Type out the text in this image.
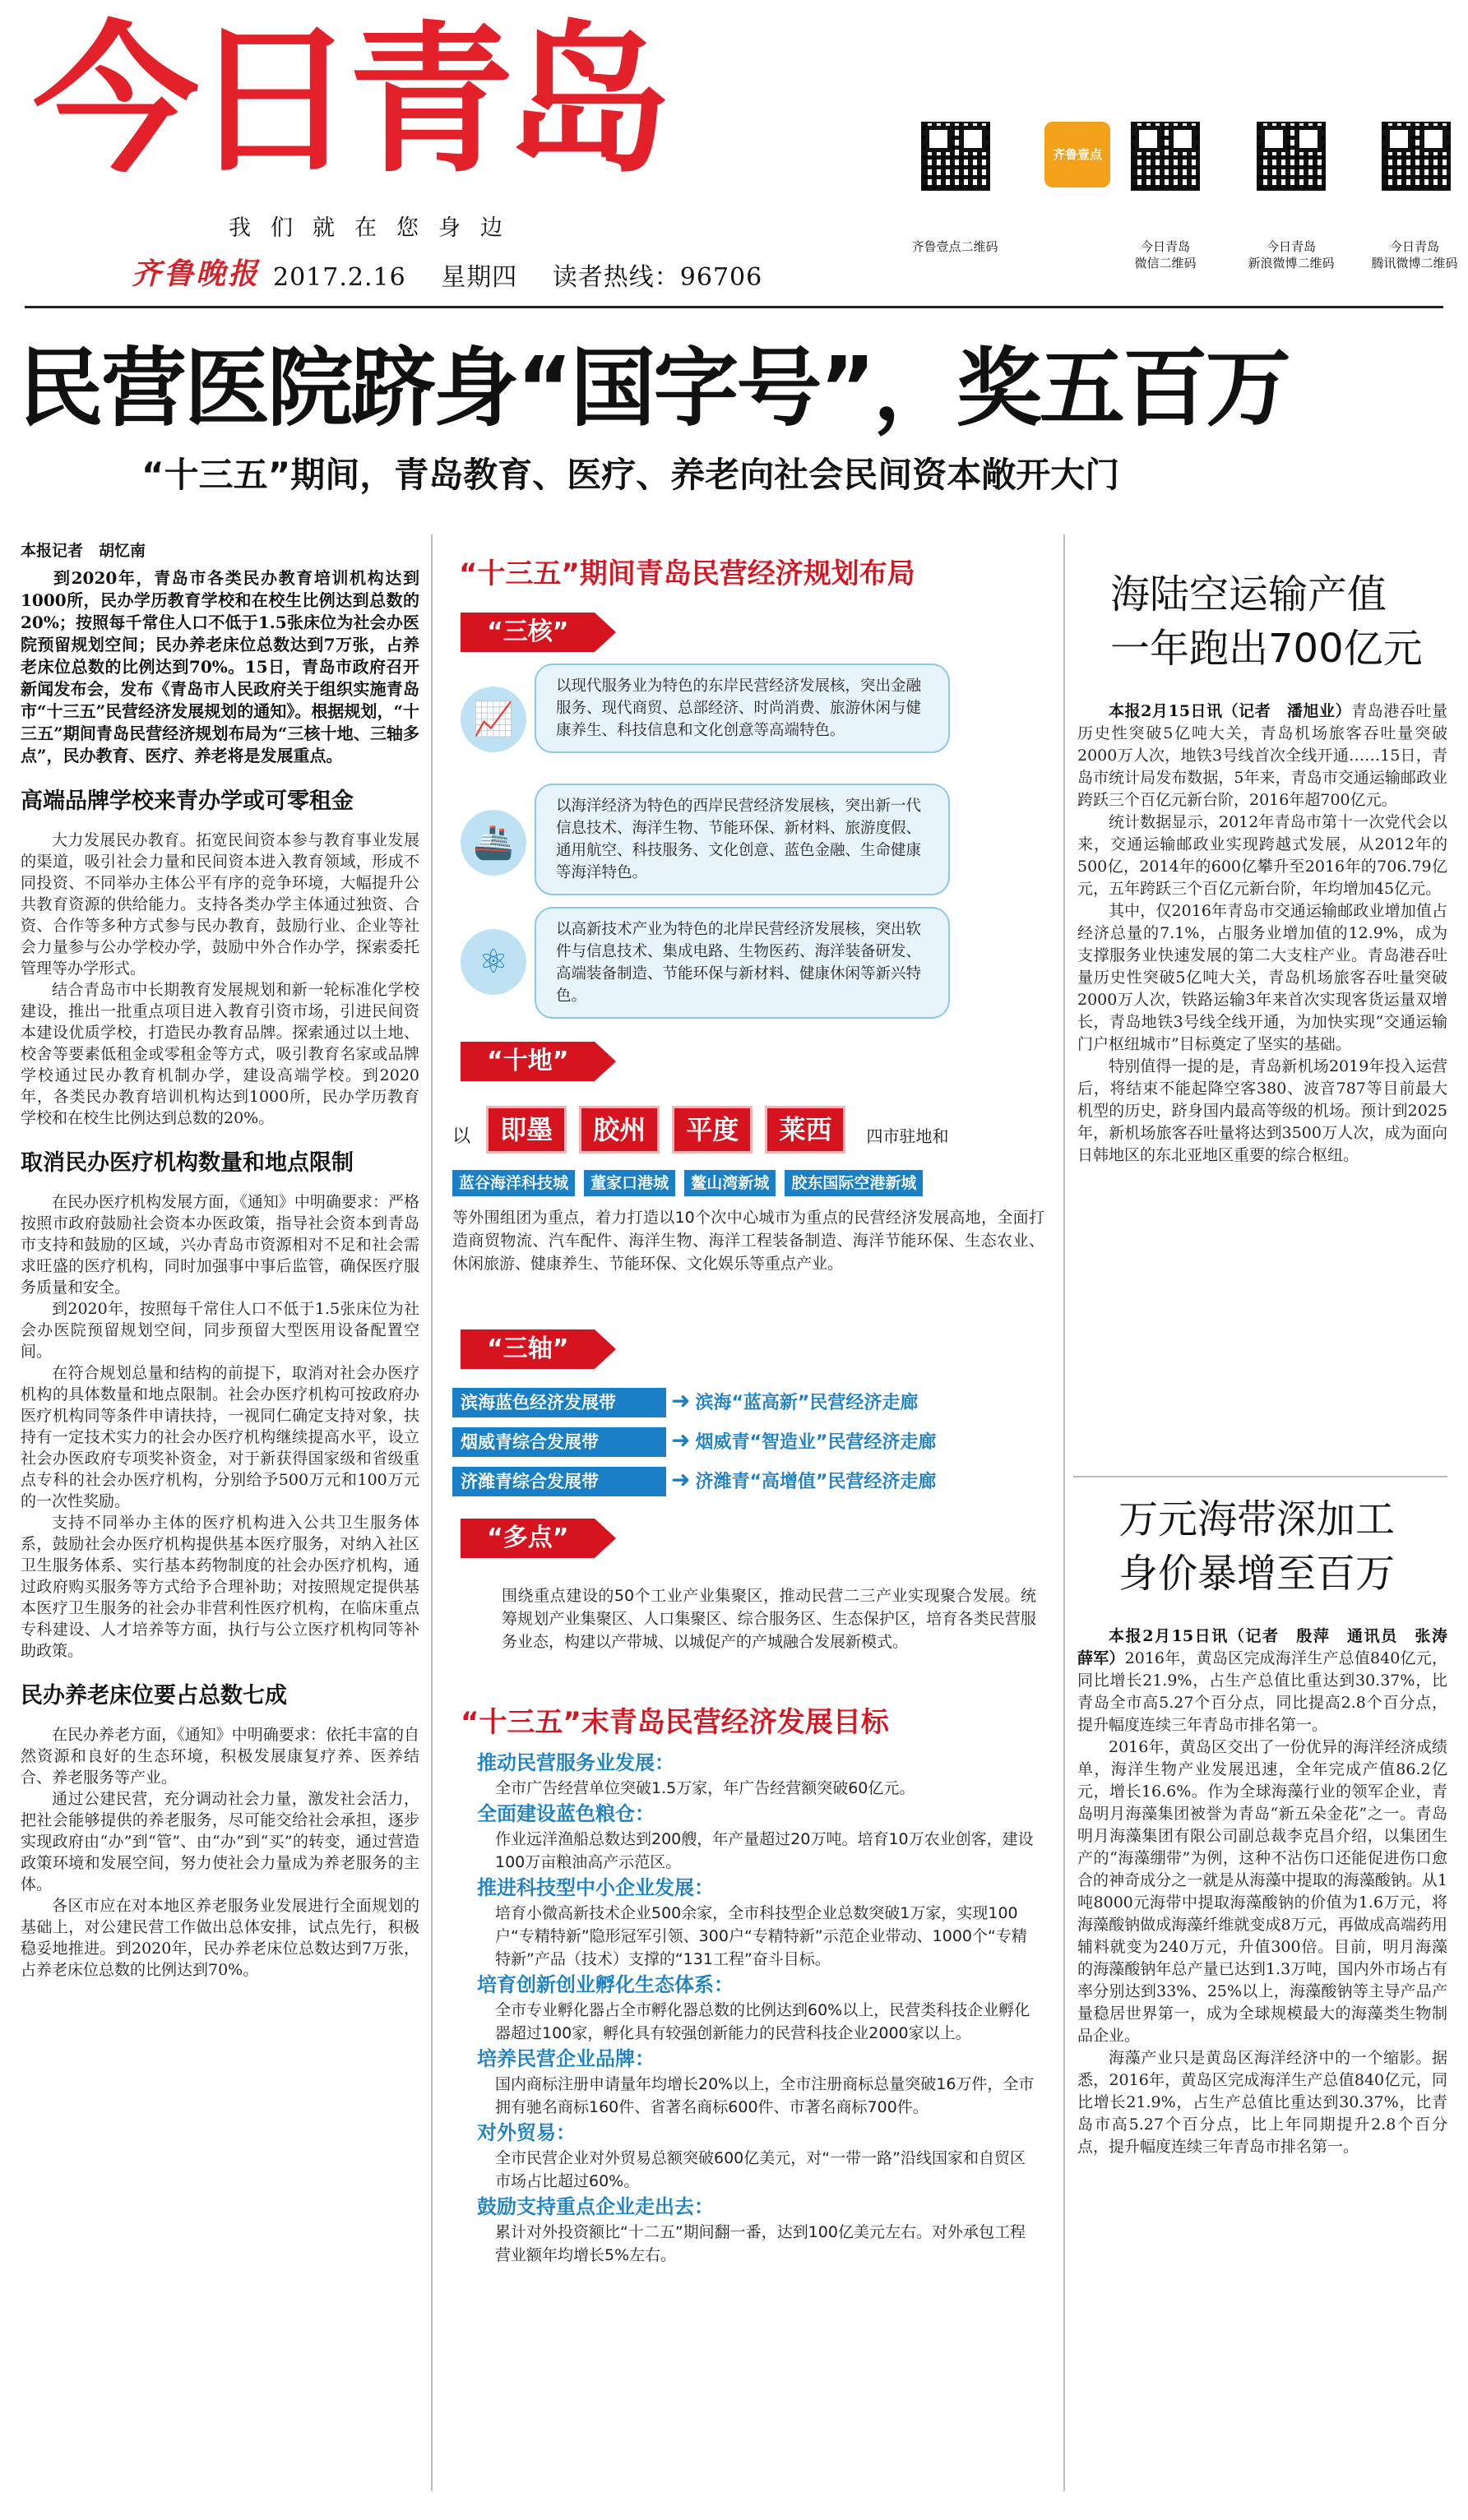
今日青岛
我们就在您身边
齐鲁晚报 2017.2.16 星期四 读者热线：96706
齐鲁壹点二维码
齐鲁壹点
今日青岛
微信二维码
今日青岛
新浪微博二维码
今日青岛
腾讯微博二维码
民营医院跻身“国字号”，奖五百万
“十三五”期间，青岛教育、医疗、养老向社会民间资本敞开大门
本报记者　胡忆南

到2020年，青岛市各类民办教育培训机构达到1000所，民办学历教育学校和在校生比例达到总数的20%；按照每千常住人口不低于1.5张床位为社会办医院预留规划空间；民办养老床位总数达到7万张，占养老床位总数的比例达到70%。15日，青岛市政府召开新闻发布会，发布《青岛市人民政府关于组织实施青岛市“十三五”民营经济发展规划的通知》。根据规划，“十三五”期间青岛民营经济规划布局为“三核十地、三轴多点”，民办教育、医疗、养老将是发展重点。

高端品牌学校来青办学或可零租金

大力发展民办教育。拓宽民间资本参与教育事业发展的渠道，吸引社会力量和民间资本进入教育领域，形成不同投资、不同举办主体公平有序的竞争环境，大幅提升公共教育资源的供给能力。支持各类办学主体通过独资、合资、合作等多种方式参与民办教育，鼓励行业、企业等社会力量参与公办学校办学，鼓励中外合作办学，探索委托管理等办学形式。

结合青岛市中长期教育发展规划和新一轮标准化学校建设，推出一批重点项目进入教育引资市场，引进民间资本建设优质学校，打造民办教育品牌。探索通过以土地、校舍等要素低租金或零租金等方式，吸引教育名家或品牌学校通过民办教育机制办学，建设高端学校。到2020年，各类民办教育培训机构达到1000所，民办学历教育学校和在校生比例达到总数的20%。

取消民办医疗机构数量和地点限制

在民办医疗机构发展方面，《通知》中明确要求：严格按照市政府鼓励社会资本办医政策，指导社会资本到青岛市支持和鼓励的区域，兴办青岛市资源相对不足和社会需求旺盛的医疗机构，同时加强事中事后监管，确保医疗服务质量和安全。

到2020年，按照每千常住人口不低于1.5张床位为社会办医院预留规划空间，同步预留大型医用设备配置空间。

在符合规划总量和结构的前提下，取消对社会办医疗机构的具体数量和地点限制。社会办医疗机构可按政府办医疗机构同等条件申请扶持，一视同仁确定支持对象，扶持有一定技术实力的社会办医疗机构继续提高水平，设立社会办医政府专项奖补资金，对于新获得国家级和省级重点专科的社会办医疗机构，分别给予500万元和100万元的一次性奖励。

支持不同举办主体的医疗机构进入公共卫生服务体系，鼓励社会办医疗机构提供基本医疗服务，对纳入社区卫生服务体系、实行基本药物制度的社会办医疗机构，通过政府购买服务等方式给予合理补助；对按照规定提供基本医疗卫生服务的社会办非营利性医疗机构，在临床重点专科建设、人才培养等方面，执行与公立医疗机构同等补助政策。

民办养老床位要占总数七成

在民办养老方面，《通知》中明确要求：依托丰富的自然资源和良好的生态环境，积极发展康复疗养、医养结合、养老服务等产业。

通过公建民营，充分调动社会力量，激发社会活力，把社会能够提供的养老服务，尽可能交给社会承担，逐步实现政府由“办”到“管”、由“办”到“买”的转变，通过营造政策环境和发展空间，努力使社会力量成为养老服务的主体。

各区市应在对本地区养老服务业发展进行全面规划的基础上，对公建民营工作做出总体安排，试点先行，积极稳妥地推进。到2020年，民办养老床位总数达到7万张，占养老床位总数的比例达到70%。

“十三五”期间青岛民营经济规划布局
“三核”
📈
以现代服务业为特色的东岸民营经济发展核，突出金融服务、现代商贸、总部经济、时尚消费、旅游休闲与健康养生、科技信息和文化创意等高端特色。
🚢
以海洋经济为特色的西岸民营经济发展核，突出新一代信息技术、海洋生物、节能环保、新材料、旅游度假、通用航空、科技服务、文化创意、蓝色金融、生命健康等海洋特色。
⚛
以高新技术产业为特色的北岸民营经济发展核，突出软件与信息技术、集成电路、生物医药、海洋装备研发、高端装备制造、节能环保与新材料、健康休闲等新兴特色。
“十地”
以 即墨 胶州 平度 莱西 四市驻地和
蓝谷海洋科技城 董家口港城 鳌山湾新城 胶东国际空港新城
等外围组团为重点，着力打造以10个次中心城市为重点的民营经济发展高地，全面打造商贸物流、汽车配件、海洋生物、海洋工程装备制造、海洋节能环保、生态农业、休闲旅游、健康养生、节能环保、文化娱乐等重点产业。
“三轴”
滨海蓝色经济发展带 ➜ 滨海“蓝高新”民营经济走廊
烟威青综合发展带	➜ 烟威青“智造业”民营经济走廊
济潍青综合发展带	➜ 济潍青“高增值”民营经济走廊
“多点”
围绕重点建设的50个工业产业集聚区，推动民营二三产业实现聚合发展。统筹规划产业集聚区、人口集聚区、综合服务区、生态保护区，培育各类民营服务业态，构建以产带城、以城促产的产城融合发展新模式。
“十三五”末青岛民营经济发展目标
推动民营服务业发展：
全市广告经营单位突破1.5万家，年广告经营额突破60亿元。
全面建设蓝色粮仓：
作业远洋渔船总数达到200艘，年产量超过20万吨。培育10万农业创客，建设100万亩粮油高产示范区。
推进科技型中小企业发展：
培育小微高新技术企业500余家，全市科技型企业总数突破1万家，实现100户“专精特新”隐形冠军引领、300户“专精特新”示范企业带动、1000个“专精特新”产品（技术）支撑的“131工程”奋斗目标。
培育创新创业孵化生态体系：
全市专业孵化器占全市孵化器总数的比例达到60%以上，民营类科技企业孵化器超过100家，孵化具有较强创新能力的民营科技企业2000家以上。
培养民营企业品牌：
国内商标注册申请量年均增长20%以上，全市注册商标总量突破16万件，全市拥有驰名商标160件、省著名商标600件、市著名商标700件。
对外贸易：
全市民营企业对外贸易总额突破600亿美元，对“一带一路”沿线国家和自贸区市场占比超过60%。
鼓励支持重点企业走出去：
累计对外投资额比“十二五”期间翻一番，达到100亿美元左右。对外承包工程营业额年均增长5%左右。
海陆空运输产值
一年跑出700亿元

本报2月15日讯（记者　潘旭业）青岛港吞吐量历史性突破5亿吨大关，青岛机场旅客吞吐量突破2000万人次，地铁3号线首次全线开通……15日，青岛市统计局发布数据，5年来，青岛市交通运输邮政业跨跃三个百亿元新台阶，2016年超700亿元。

统计数据显示，2012年青岛市第十一次党代会以来，交通运输邮政业实现跨越式发展，从2012年的500亿，2014年的600亿攀升至2016年的706.79亿元，五年跨跃三个百亿元新台阶，年均增加45亿元。

其中，仅2016年青岛市交通运输邮政业增加值占经济总量的7.1%，占服务业增加值的12.9%，成为支撑服务业快速发展的第二大支柱产业。青岛港吞吐量历史性突破5亿吨大关，青岛机场旅客吞吐量突破2000万人次，铁路运输3年来首次实现客货运量双增长，青岛地铁3号线全线开通，为加快实现“交通运输门户枢纽城市”目标奠定了坚实的基础。

特别值得一提的是，青岛新机场2019年投入运营后，将结束不能起降空客380、波音787等目前最大机型的历史，跻身国内最高等级的机场。预计到2025年，新机场旅客吞吐量将达到3500万人次，成为面向日韩地区的东北亚地区重要的综合枢纽。

万元海带深加工
身价暴增至百万

本报2月15日讯（记者　殷萍　通讯员　张涛　薛军）2016年，黄岛区完成海洋生产总值840亿元，同比增长21.9%，占生产总值比重达到30.37%，比青岛全市高5.27个百分点，同比提高2.8个百分点，提升幅度连续三年青岛市排名第一。

2016年，黄岛区交出了一份优异的海洋经济成绩单，海洋生物产业发展迅速，全年完成产值86.2亿元，增长16.6%。作为全球海藻行业的领军企业，青岛明月海藻集团被誉为青岛“新五朵金花”之一。青岛明月海藻集团有限公司副总裁李克昌介绍，以集团生产的“海藻绷带”为例，这种不沾伤口还能促进伤口愈合的神奇成分之一就是从海藻中提取的海藻酸钠。从1吨8000元海带中提取海藻酸钠的价值为1.6万元，将海藻酸钠做成海藻纤维就变成8万元，再做成高端药用辅料就变为240万元，升值300倍。目前，明月海藻的海藻酸钠年总产量已达到1.3万吨，国内外市场占有率分别达到33%、25%以上，海藻酸钠等主导产品产量稳居世界第一，成为全球规模最大的海藻类生物制品企业。

海藻产业只是黄岛区海洋经济中的一个缩影。据悉，2016年，黄岛区完成海洋生产总值840亿元，同比增长21.9%，占生产总值比重达到30.37%，比青岛市高5.27个百分点，比上年同期提升2.8个百分点，提升幅度连续三年青岛市排名第一。
